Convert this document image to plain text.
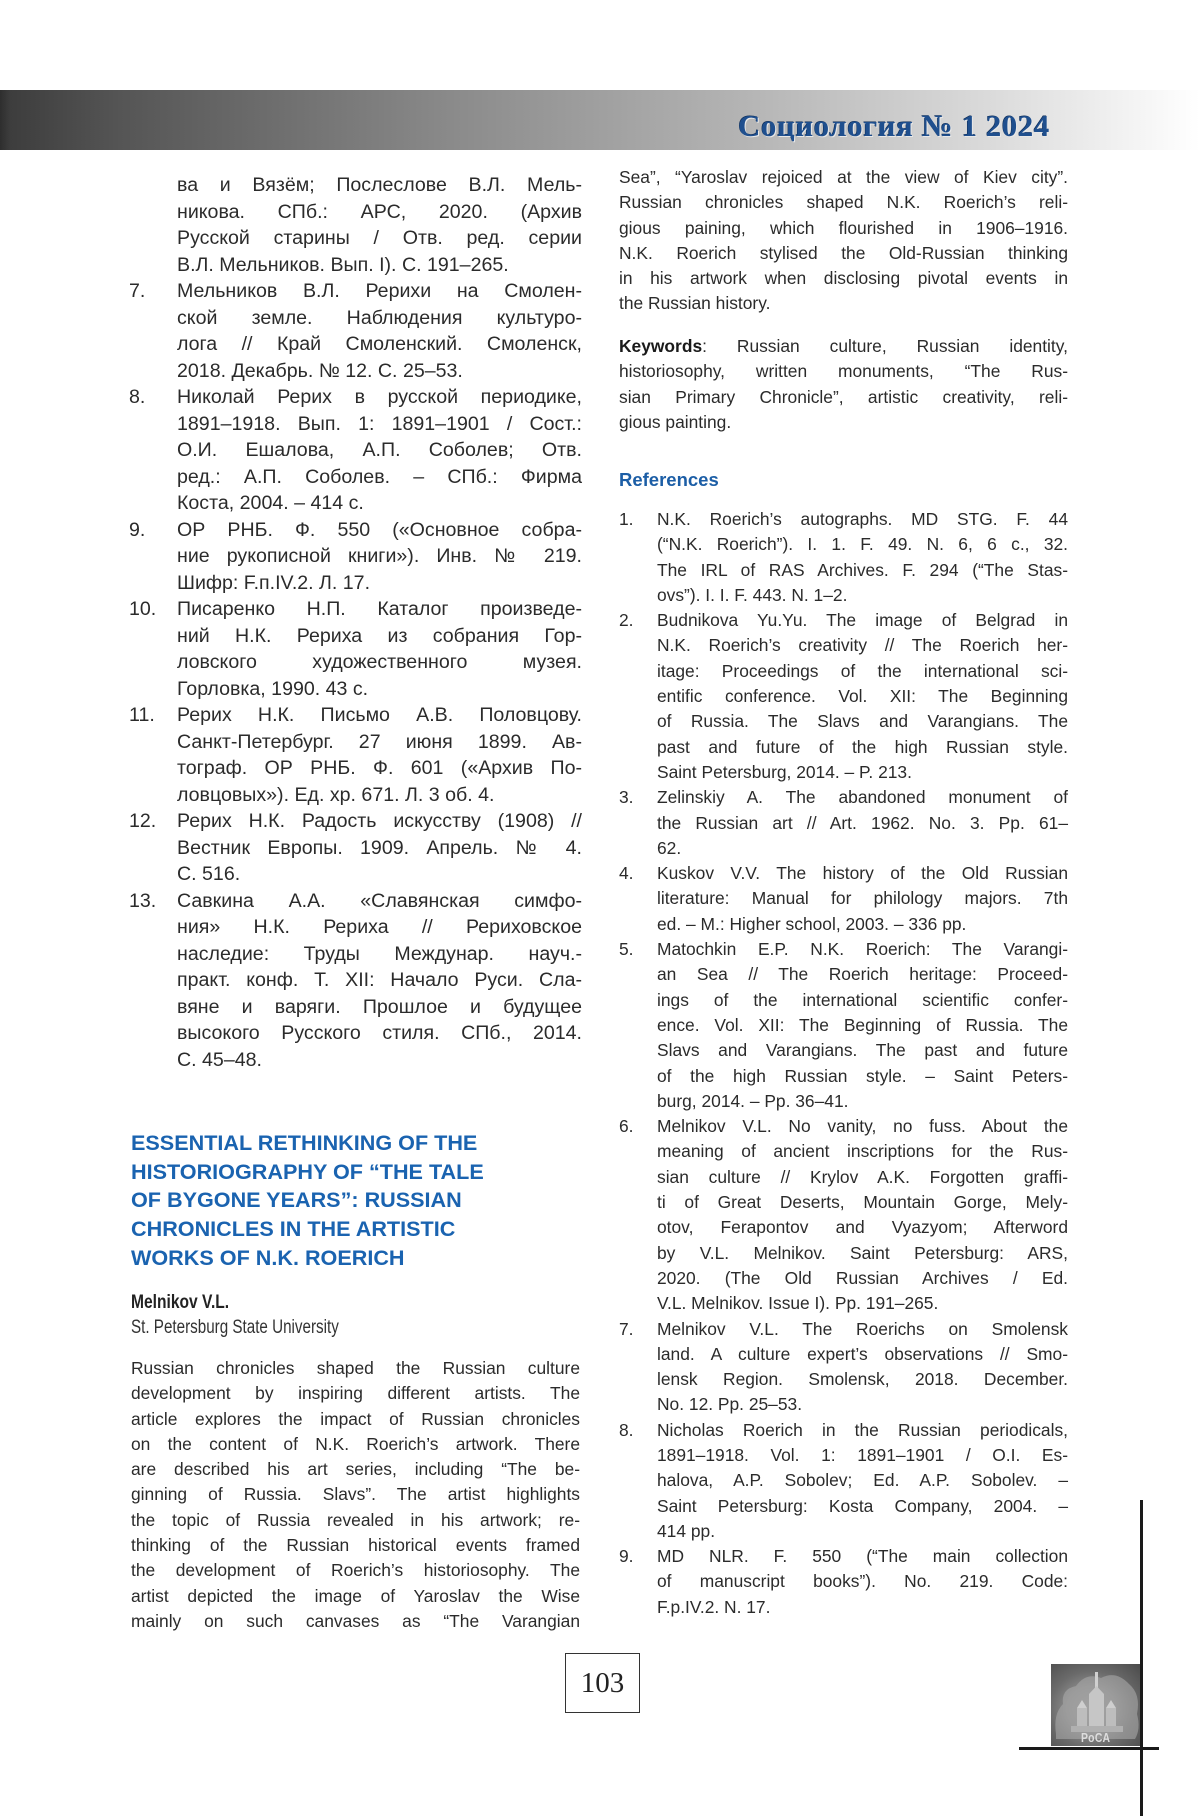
Социология № 1 2024
ва и Вязём; Послеслове В.Л. Мель-
никова. СПб.: АРС, 2020. (Архив
Русской старины / Отв. ред. серии
В.Л. Мельников. Вып. I). С. 191–265.
7.	Мельников В.Л. Рерихи на Смолен-
ской земле. Наблюдения культуро-
лога // Край Смоленский. Смоленск,
2018. Декабрь. № 12. С. 25–53.
8.	Николай Рерих в русской периодике,
1891–1918. Вып. 1: 1891–1901 / Сост.:
О.И. Ешалова, А.П. Соболев; Отв.
ред.: А.П. Соболев. – СПб.: Фирма
Коста, 2004. – 414 с.
9.	ОР РНБ. Ф. 550 («Основное собра-
ние рукописной книги»). Инв. № 219.
Шифр: F.п.IV.2. Л. 17.
10.	Писаренко Н.П. Каталог произведе-
ний Н.К. Рериха из собрания Гор-
ловского художественного музея.
Горловка, 1990. 43 с.
11.	Рерих Н.К. Письмо А.В. Половцову.
Санкт-Петербург. 27 июня 1899. Ав-
тограф. ОР РНБ. Ф. 601 («Архив По-
ловцовых»). Ед. хр. 671. Л. 3 об. 4.
12.	Рерих Н.К. Радость искусству (1908) //
Вестник Европы. 1909. Апрель. № 4.
С. 516.
13.	Савкина А.А. «Славянская симфо-
ния» Н.К. Рериха // Рериховское
наследие: Труды Междунар. науч.-
практ. конф. Т. XII: Начало Руси. Сла-
вяне и варяги. Прошлое и будущее
высокого Русского стиля. СПб., 2014.
С. 45–48.
ESSENTIAL RETHINKING OF THE
HISTORIOGRAPHY OF “THE TALE
OF BYGONE YEARS”: RUSSIAN
CHRONICLES IN THE ARTISTIC
WORKS OF N.K. ROERICH
Melnikov V.L.
St. Petersburg State University
Russian chronicles shaped the Russian culture
development by inspiring different artists. The
article explores the impact of Russian chronicles
on the content of N.K. Roerich’s artwork. There
are described his art series, including “The be-
ginning of Russia. Slavs”. The artist highlights
the topic of Russia revealed in his artwork; re-
thinking of the Russian historical events framed
the development of Roerich’s historiosophy. The
artist depicted the image of Yaroslav the Wise
mainly on such canvases as “The Varangian
Sea”, “Yaroslav rejoiced at the view of Kiev city”.
Russian chronicles shaped N.K. Roerich’s reli-
gious paining, which flourished in 1906–1916.
N.K. Roerich stylised the Old-Russian thinking
in his artwork when disclosing pivotal events in
the Russian history.
Keywords: Russian culture, Russian identity,
historiosophy, written monuments, “The Rus-
sian Primary Chronicle”, artistic creativity, reli-
gious painting.
References
1.	N.K. Roerich’s autographs. MD STG. F. 44
(“N.K. Roerich”). I. 1. F. 49. N. 6, 6 c., 32.
The IRL of RAS Archives. F. 294 (“The Stas-
ovs”). I. I. F. 443. N. 1–2.
2.	Budnikova Yu.Yu. The image of Belgrad in
N.K. Roerich’s creativity // The Roerich her-
itage: Proceedings of the international sci-
entific conference. Vol. XII: The Beginning
of Russia. The Slavs and Varangians. The
past and future of the high Russian style.
Saint Petersburg, 2014. – P. 213.
3.	Zelinskiy A. The abandoned monument of
the Russian art // Art. 1962. No. 3. Pp. 61–
62.
4.	Kuskov V.V. The history of the Old Russian
literature: Manual for philology majors. 7th
ed. – M.: Higher school, 2003. – 336 pp.
5.	Matochkin E.P. N.K. Roerich: The Varangi-
an Sea // The Roerich heritage: Proceed-
ings of the international scientific confer-
ence. Vol. XII: The Beginning of Russia. The
Slavs and Varangians. The past and future
of the high Russian style. – Saint Peters-
burg, 2014. – Pp. 36–41.
6.	Melnikov V.L. No vanity, no fuss. About the
meaning of ancient inscriptions for the Rus-
sian culture // Krylov A.K. Forgotten graffi-
ti of Great Deserts, Mountain Gorge, Mely-
otov, Ferapontov and Vyazyom; Afterword
by V.L. Melnikov. Saint Petersburg: ARS,
2020. (The Old Russian Archives / Ed.
V.L. Melnikov. Issue I). Pp. 191–265.
7.	Melnikov V.L. The Roerichs on Smolensk
land. A culture expert’s observations // Smo-
lensk Region. Smolensk, 2018. December.
No. 12. Pp. 25–53.
8.	Nicholas Roerich in the Russian periodicals,
1891–1918. Vol. 1: 1891–1901 / O.I. Es-
halova, A.P. Sobolev; Ed. A.P. Sobolev. –
Saint Petersburg: Kosta Company, 2004. –
414 pp.
9.	MD NLR. F. 550 (“The main collection
of manuscript books”). No. 219. Code:
F.p.IV.2. N. 17.
103
РоСА
